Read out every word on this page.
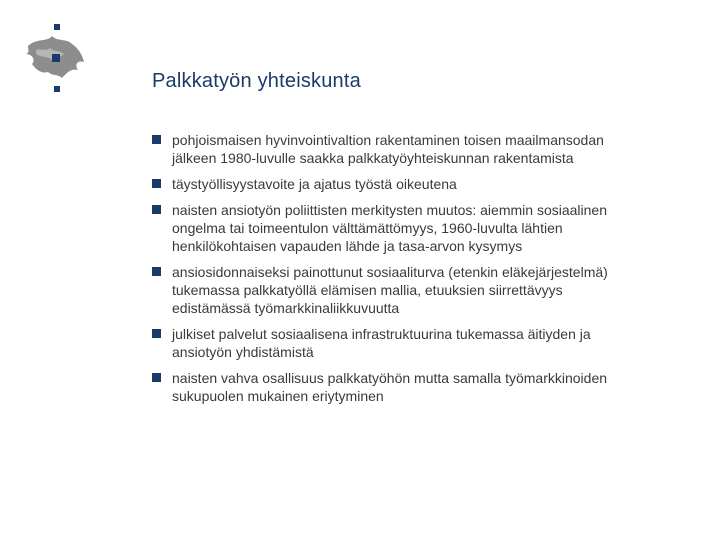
Palkkatyön yhteiskunta
pohjoismaisen hyvinvointivaltion rakentaminen toisen maailmansodan
jälkeen 1980-luvulle saakka palkkatyöyhteiskunnan rakentamista
täystyöllisyystavoite ja ajatus työstä oikeutena
naisten ansiotyön poliittisten merkitysten muutos: aiemmin sosiaalinen
ongelma tai toimeentulon välttämättömyys, 1960-luvulta lähtien
henkilökohtaisen vapauden lähde ja tasa-arvon kysymys
ansiosidonnaiseksi painottunut sosiaaliturva (etenkin eläkejärjestelmä)
tukemassa palkkatyöllä elämisen mallia, etuuksien siirrettävyys
edistämässä työmarkkinaliikkuvuutta
julkiset palvelut sosiaalisena infrastruktuurina tukemassa äitiyden ja
ansiotyön yhdistämistä
naisten vahva osallisuus palkkatyöhön mutta samalla työmarkkinoiden
sukupuolen mukainen eriytyminen
